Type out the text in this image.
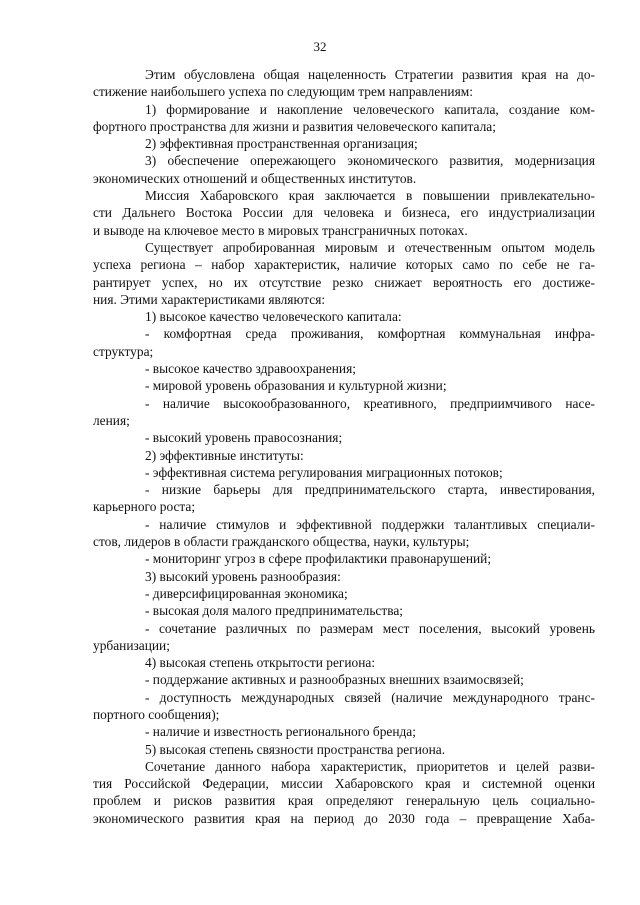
32
Этим обусловлена общая нацеленность Стратегии развития края на до-
стижение наибольшего успеха по следующим трем направлениям:
1) формирование и накопление человеческого капитала, создание ком-
фортного пространства для жизни и развития человеческого капитала;
2) эффективная пространственная организация;
3) обеспечение опережающего экономического развития, модернизация
экономических отношений и общественных институтов.
Миссия Хабаровского края заключается в повышении привлекательно-
сти Дальнего Востока России для человека и бизнеса, его индустриализации
и выводе на ключевое место в мировых трансграничных потоках.
Существует апробированная мировым и отечественным опытом модель
успеха региона – набор характеристик, наличие которых само по себе не га-
рантирует успех, но их отсутствие резко снижает вероятность его достиже-
ния. Этими характеристиками являются:
1) высокое качество человеческого капитала:
- комфортная среда проживания, комфортная коммунальная инфра-
структура;
- высокое качество здравоохранения;
- мировой уровень образования и культурной жизни;
- наличие высокообразованного, креативного, предприимчивого насе-
ления;
- высокий уровень правосознания;
2) эффективные институты:
- эффективная система регулирования миграционных потоков;
- низкие барьеры для предпринимательского старта, инвестирования,
карьерного роста;
- наличие стимулов и эффективной поддержки талантливых специали-
стов, лидеров в области гражданского общества, науки, культуры;
- мониторинг угроз в сфере профилактики правонарушений;
3) высокий уровень разнообразия:
- диверсифицированная экономика;
- высокая доля малого предпринимательства;
- сочетание различных по размерам мест поселения, высокий уровень
урбанизации;
4) высокая степень открытости региона:
- поддержание активных и разнообразных внешних взаимосвязей;
- доступность международных связей (наличие международного транс-
портного сообщения);
- наличие и известность регионального бренда;
5) высокая степень связности пространства региона.
Сочетание данного набора характеристик, приоритетов и целей разви-
тия Российской Федерации, миссии Хабаровского края и системной оценки
проблем и рисков развития края определяют генеральную цель социально-
экономического развития края на период до 2030 года – превращение Хаба-
